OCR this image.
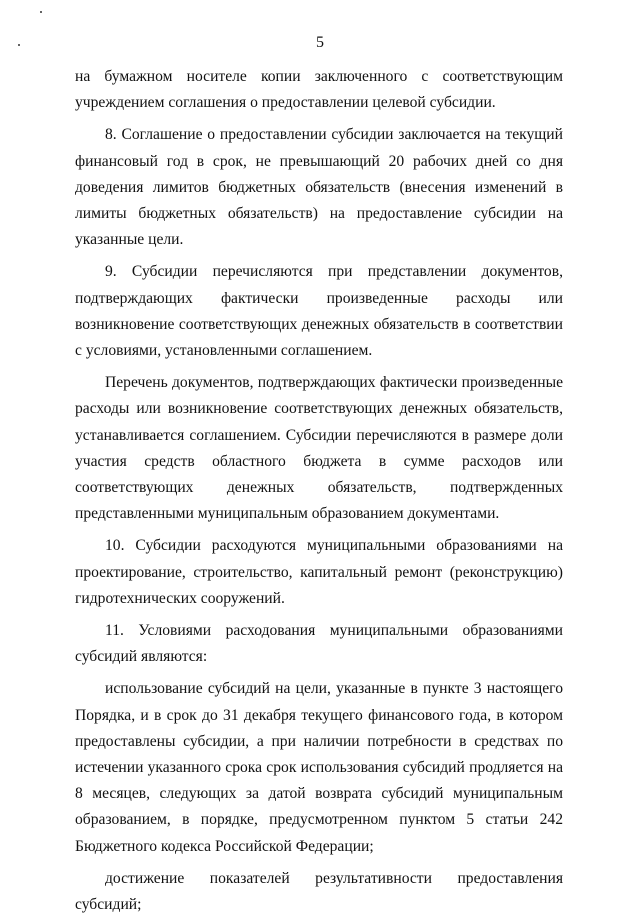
5

на бумажном носителе копии заключенного с соответствующим учреждением соглашения о предоставлении целевой субсидии.

8. Соглашение о предоставлении субсидии заключается на текущий финансовый год в срок, не превышающий 20 рабочих дней со дня доведения лимитов бюджетных обязательств (внесения изменений в лимиты бюджетных обязательств) на предоставление субсидии на указанные цели.

9. Субсидии перечисляются при представлении документов, подтверждающих фактически произведенные расходы или возникновение соответствующих денежных обязательств в соответствии с условиями, установленными соглашением.

Перечень документов, подтверждающих фактически произведенные расходы или возникновение соответствующих денежных обязательств, устанавливается соглашением. Субсидии перечисляются в размере доли участия средств областного бюджета в сумме расходов или соответствующих денежных обязательств, подтвержденных представленными муниципальным образованием документами.

10. Субсидии расходуются муниципальными образованиями на проектирование, строительство, капитальный ремонт (реконструкцию) гидротехнических сооружений.

11. Условиями расходования муниципальными образованиями субсидий являются:

использование субсидий на цели, указанные в пункте 3 настоящего Порядка, и в срок до 31 декабря текущего финансового года, в котором предоставлены субсидии, а при наличии потребности в средствах по истечении указанного срока срок использования субсидий продляется на 8 месяцев, следующих за датой возврата субсидий муниципальным образованием, в порядке, предусмотренном пунктом 5 статьи 242 Бюджетного кодекса Российской Федерации;

достижение показателей результативности предоставления субсидий;
